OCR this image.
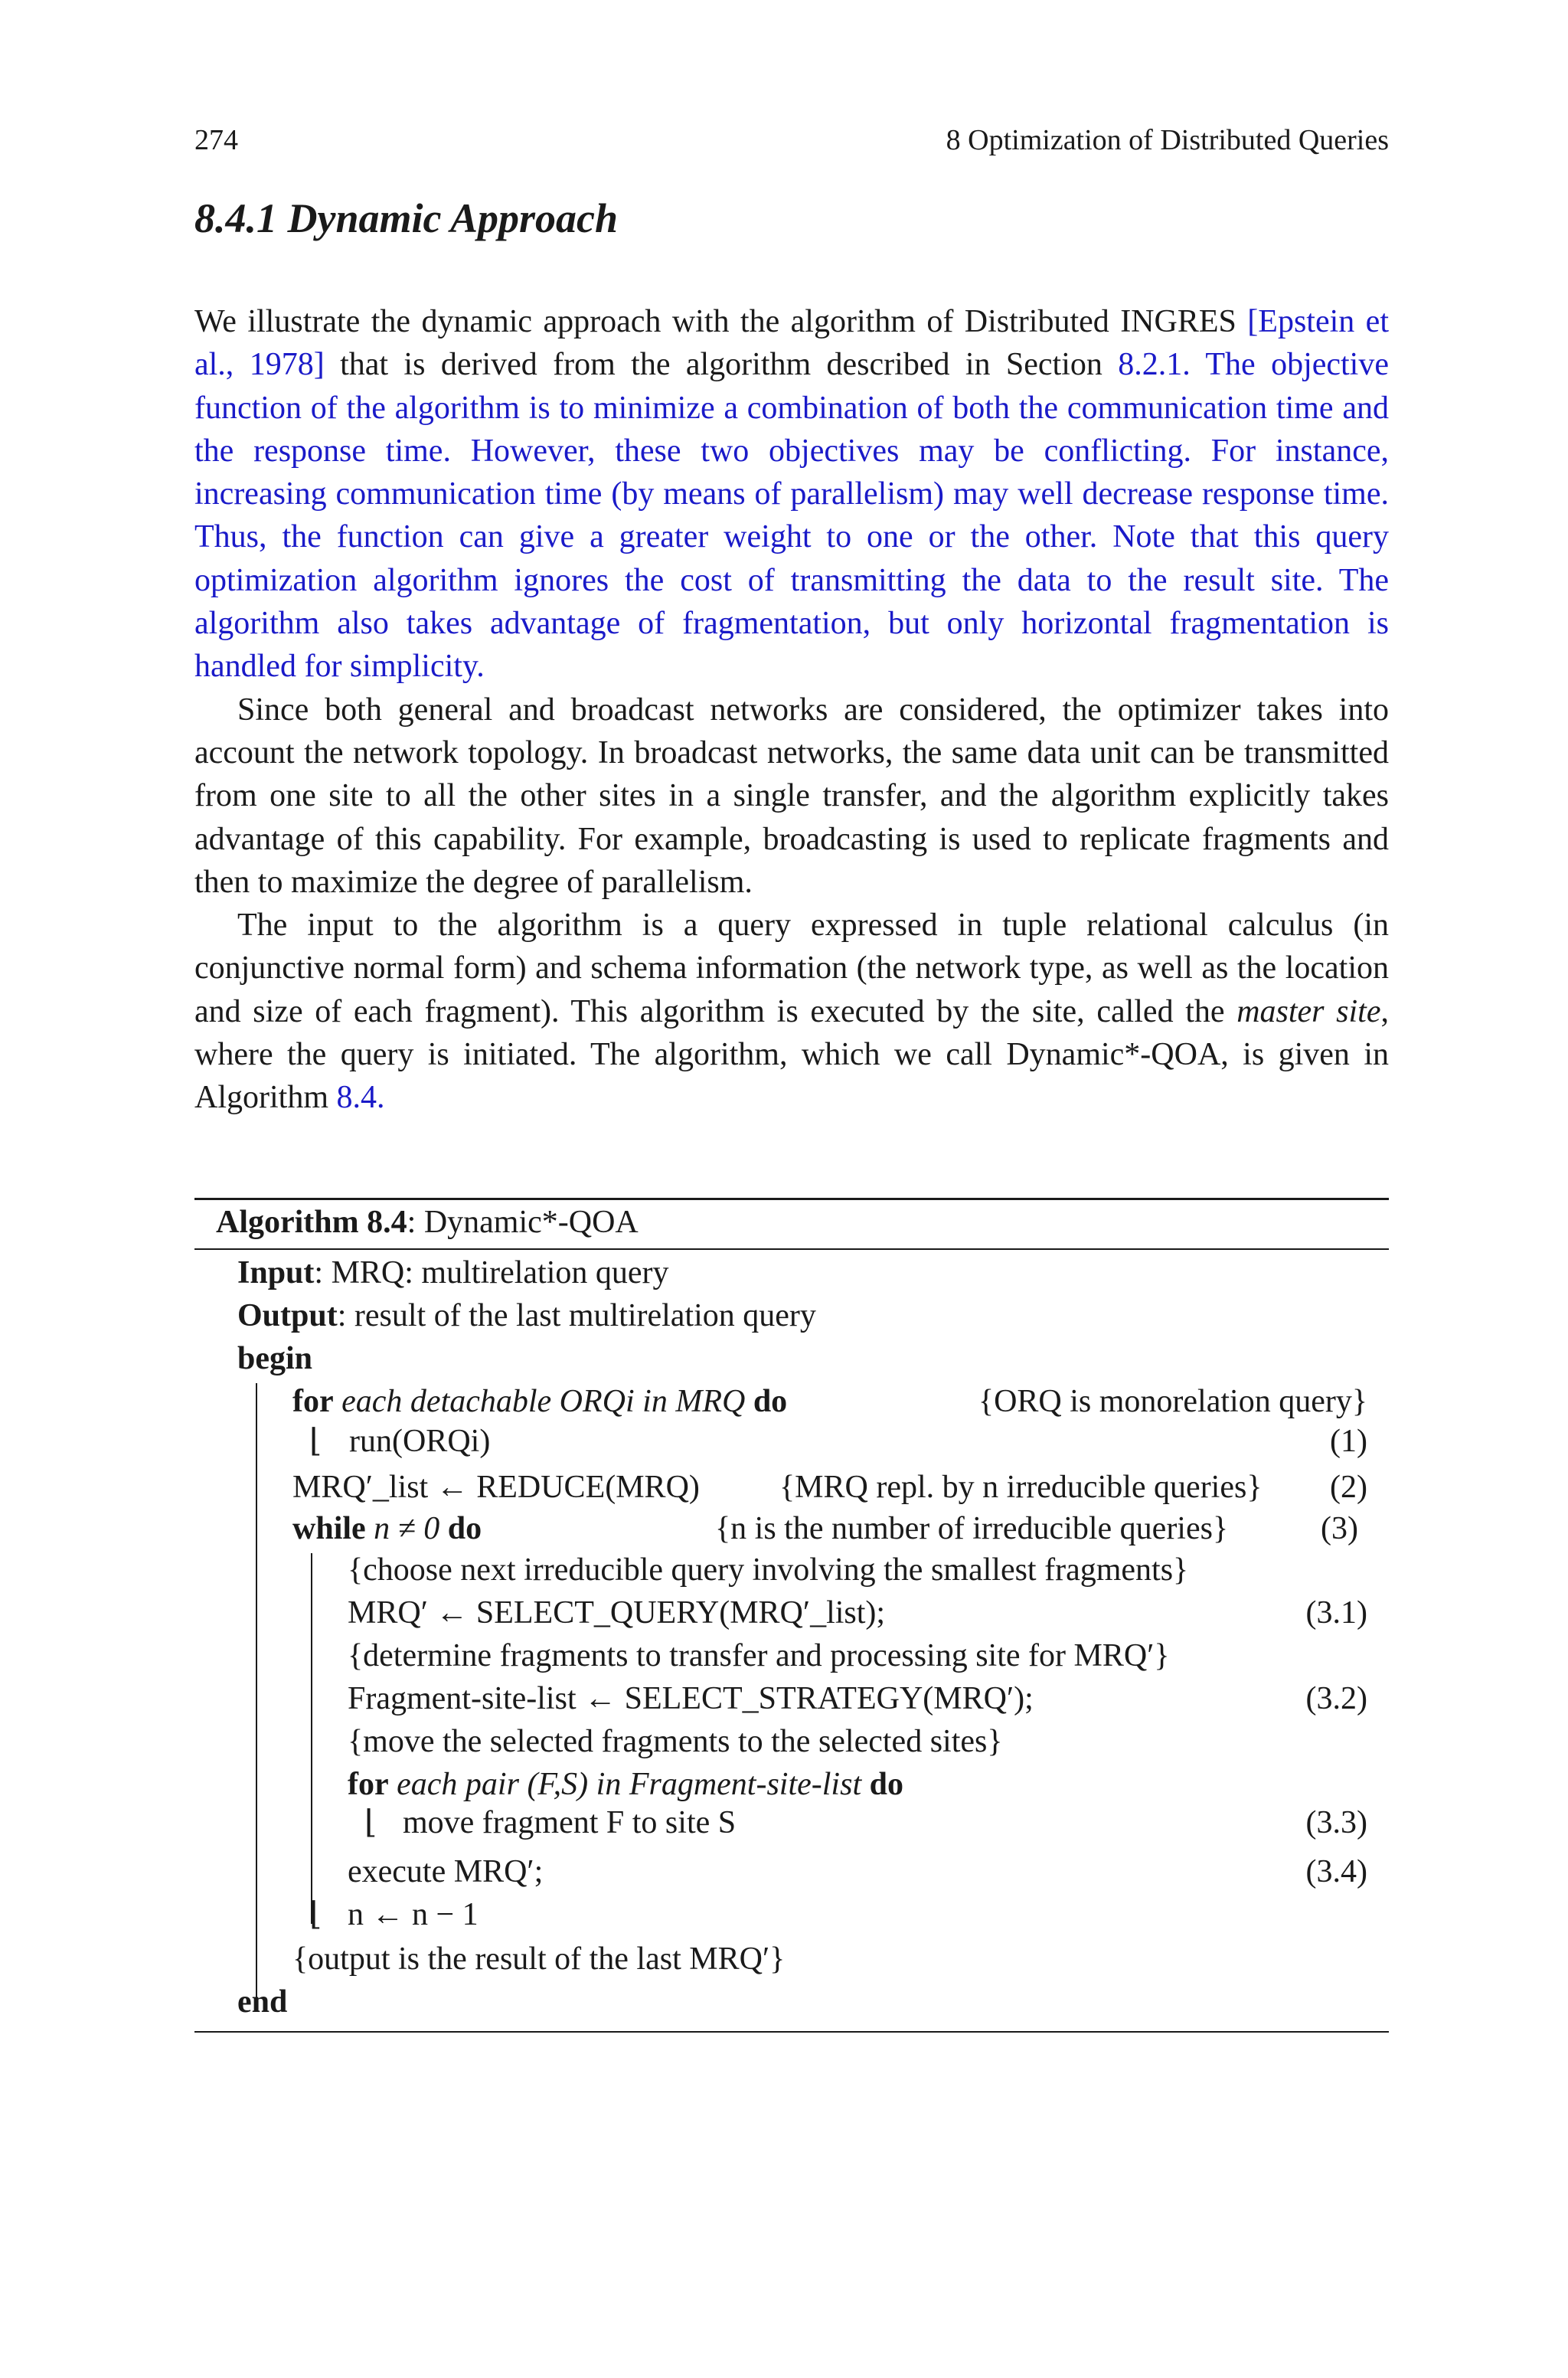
274	8 Optimization of Distributed Queries
8.4.1 Dynamic Approach

We illustrate the dynamic approach with the algorithm of Distributed INGRES [Epstein et al., 1978] that is derived from the algorithm described in Section 8.2.1. The objective function of the algorithm is to minimize a combination of both the communication time and the response time. However, these two objectives may be conflicting. For instance, increasing communication time (by means of parallelism) may well decrease response time. Thus, the function can give a greater weight to one or the other. Note that this query optimization algorithm ignores the cost of transmitting the data to the result site. The algorithm also takes advantage of fragmentation, but only horizontal fragmentation is handled for simplicity.

Since both general and broadcast networks are considered, the optimizer takes into account the network topology. In broadcast networks, the same data unit can be transmitted from one site to all the other sites in a single transfer, and the algorithm explicitly takes advantage of this capability. For example, broadcasting is used to replicate fragments and then to maximize the degree of parallelism.

The input to the algorithm is a query expressed in tuple relational calculus (in conjunctive normal form) and schema information (the network type, as well as the location and size of each fragment). This algorithm is executed by the site, called the master site, where the query is initiated. The algorithm, which we call Dynamic*-QOA, is given in Algorithm 8.4.

Algorithm 8.4: Dynamic*-QOA
Input: MRQ: multirelation query
Output: result of the last multirelation query
begin
for each detachable ORQi in MRQ do	{ORQ is monorelation query}
⌊ run(ORQi)	(1)
MRQ′_list ← REDUCE(MRQ) {MRQ repl. by n irreducible queries} (2)
while n ≠ 0 do	{n is the number of irreducible queries}	(3)
{choose next irreducible query involving the smallest fragments}
MRQ′ ← SELECT_QUERY(MRQ′_list);	(3.1)
{determine fragments to transfer and processing site for MRQ′}
Fragment-site-list ← SELECT_STRATEGY(MRQ′);	(3.2)
{move the selected fragments to the selected sites}
for each pair (F,S) in Fragment-site-list do
⌊ move fragment F to site S	(3.3)
execute MRQ′;	(3.4)
⌊ n ← n − 1
{output is the result of the last MRQ′}
end
